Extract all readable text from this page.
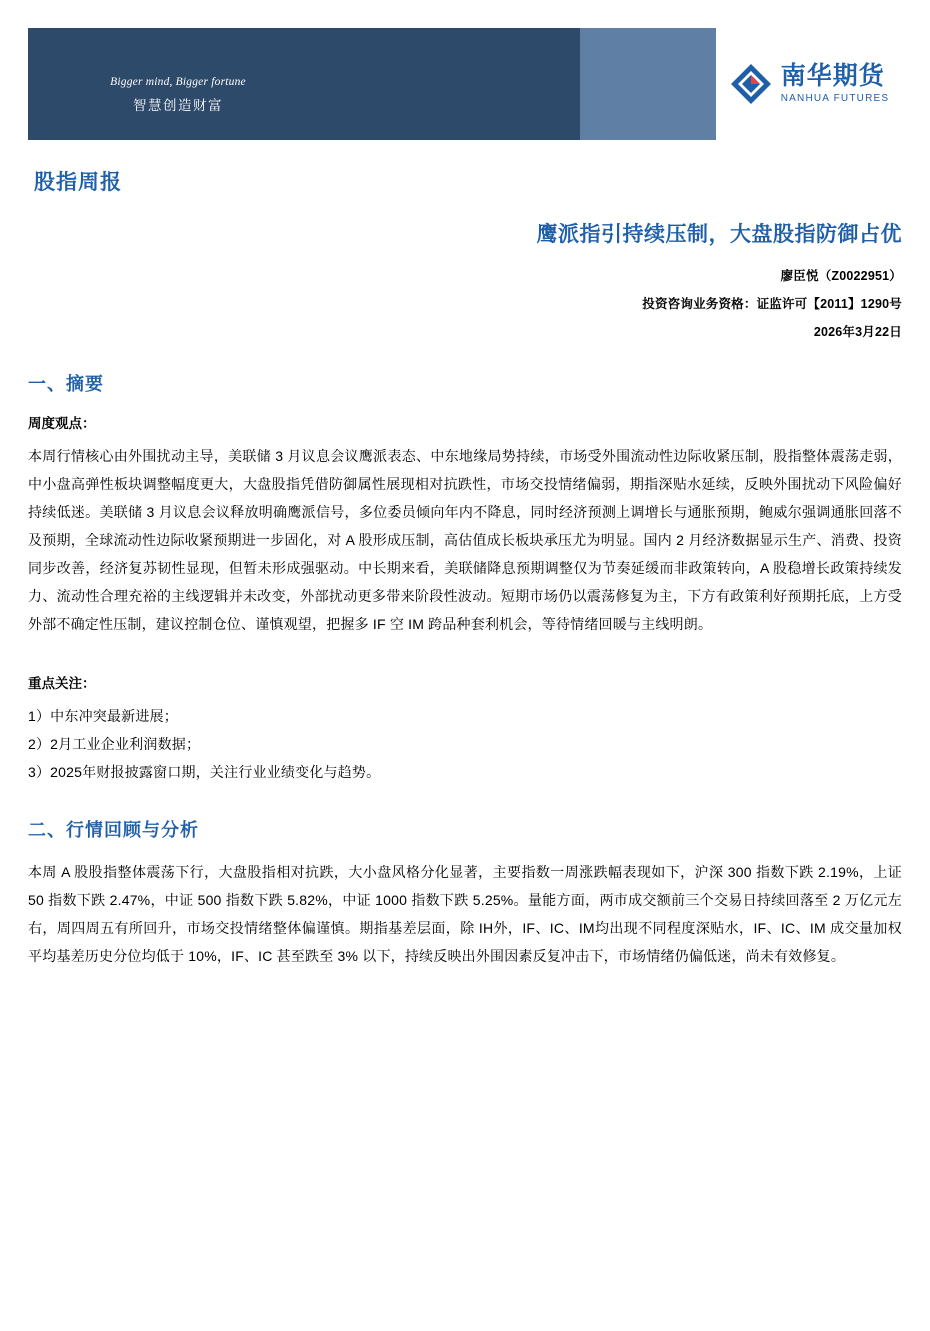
Bigger mind, Bigger fortune
智慧创造财富
南华期货
NANHUA FUTURES
股指周报
鹰派指引持续压制，大盘股指防御占优
廖臣悦（Z0022951）
投资咨询业务资格：证监许可【2011】1290号
2026年3月22日
一、摘要
周度观点：
本周行情核心由外围扰动主导，美联储 3 月议息会议鹰派表态、中东地缘局势持续，市场受外围流动性边际收紧压制，股指整体震荡走弱，中小盘高弹性板块调整幅度更大，大盘股指凭借防御属性展现相对抗跌性，市场交投情绪偏弱，期指深贴水延续，反映外围扰动下风险偏好持续低迷。美联储 3 月议息会议释放明确鹰派信号，多位委员倾向年内不降息，同时经济预测上调增长与通胀预期，鲍威尔强调通胀回落不及预期，全球流动性边际收紧预期进一步固化，对 A 股形成压制，高估值成长板块承压尤为明显。国内 2 月经济数据显示生产、消费、投资同步改善，经济复苏韧性显现，但暂未形成强驱动。中长期来看，美联储降息预期调整仅为节奏延缓而非政策转向，A 股稳增长政策持续发力、流动性合理充裕的主线逻辑并未改变，外部扰动更多带来阶段性波动。短期市场仍以震荡修复为主，下方有政策利好预期托底，上方受外部不确定性压制，建议控制仓位、谨慎观望，把握多 IF 空 IM 跨品种套利机会，等待情绪回暖与主线明朗。
重点关注：
1）中东冲突最新进展；
2）2月工业企业利润数据；
3）2025年财报披露窗口期，关注行业业绩变化与趋势。
二、行情回顾与分析
本周 A 股股指整体震荡下行，大盘股指相对抗跌，大小盘风格分化显著，主要指数一周涨跌幅表现如下，沪深 300 指数下跌 2.19%，上证 50 指数下跌 2.47%，中证 500 指数下跌 5.82%，中证 1000 指数下跌 5.25%。量能方面，两市成交额前三个交易日持续回落至 2 万亿元左右，周四周五有所回升，市场交投情绪整体偏谨慎。期指基差层面，除 IH外，IF、IC、IM均出现不同程度深贴水，IF、IC、IM 成交量加权平均基差历史分位均低于 10%，IF、IC 甚至跌至 3% 以下，持续反映出外围因素反复冲击下，市场情绪仍偏低迷，尚未有效修复。
